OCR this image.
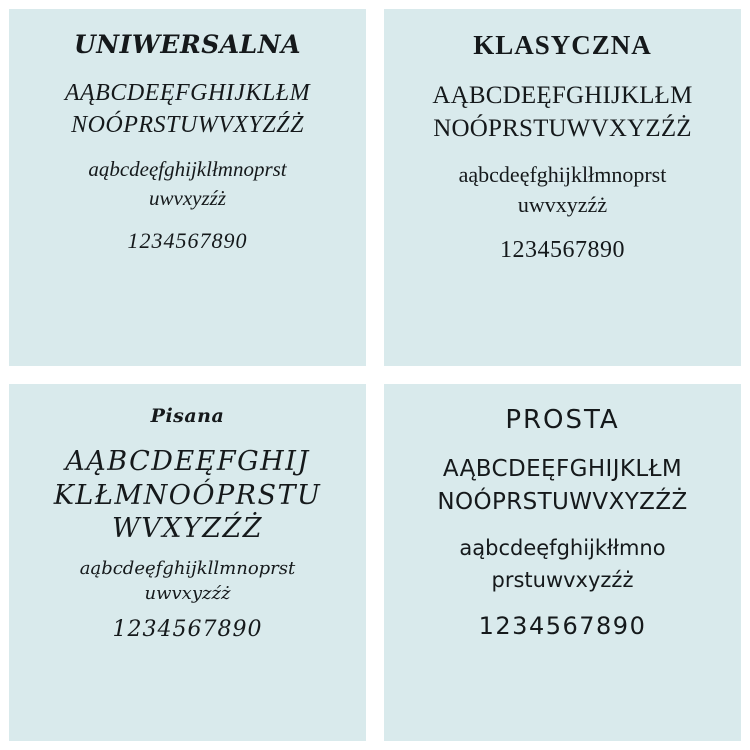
UNIWERSALNA
AĄBCDEĘFGHIJKLŁM
NOÓPRSTUWVXYZŹŻ
aąbcdeęfghijklłmnoprst
uwvxyzźż
1234567890
KLASYCZNA
AĄBCDEĘFGHIJKLŁM
NOÓPRSTUWVXYZŹŻ
aąbcdeęfghijklłmnoprst
uwvxyzźż
1234567890
Pisana
AĄBCDEĘFGHIJ
KLŁMNOÓPRSTU
WVXYZŹŻ
aąbcdeęfghijkllmnoprst
uwvxyzźż
1234567890
PROSTA
AĄBCDEĘFGHIJKLŁM
NOÓPRSTUWVXYZŹŻ
aąbcdeęfghijkłłmno
prstuwvxyzźż
1234567890
